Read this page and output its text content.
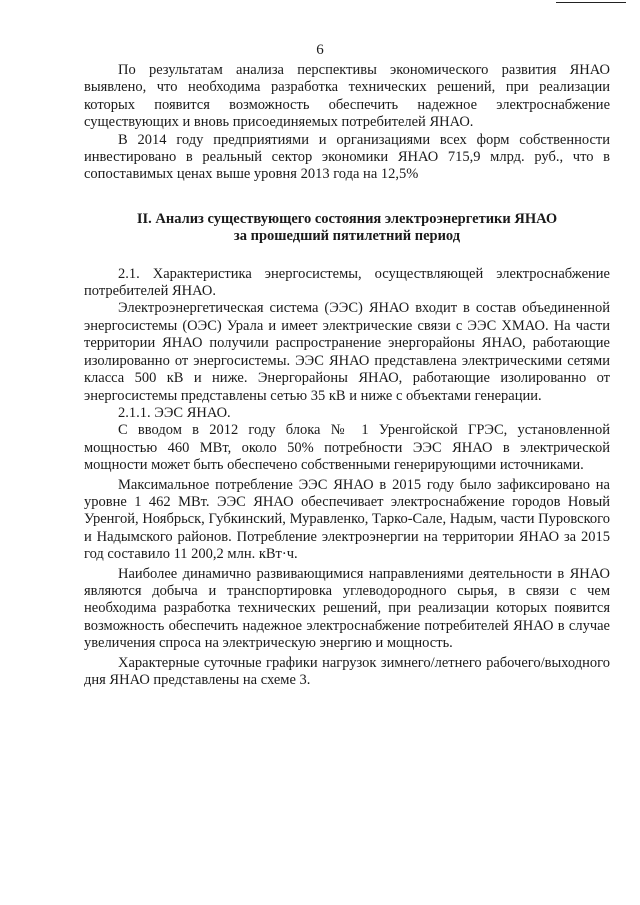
6

По результатам анализа перспективы экономического развития ЯНАО выявлено, что необходима разработка технических решений, при реализации которых появится возможность обеспечить надежное электроснабжение существующих и вновь присоединяемых потребителей ЯНАО.

В 2014 году предприятиями и организациями всех форм собственности инвестировано в реальный сектор экономики ЯНАО 715,9 млрд. руб., что в сопоставимых ценах выше уровня 2013 года на 12,5%

II. Анализ существующего состояния электроэнергетики ЯНАО
за прошедший пятилетний период

2.1. Характеристика энергосистемы, осуществляющей электроснабжение потребителей ЯНАО.

Электроэнергетическая система (ЭЭС) ЯНАО входит в состав объединенной энергосистемы (ОЭС) Урала и имеет электрические связи с ЭЭС ХМАО. На части территории ЯНАО получили распространение энергорайоны ЯНАО, работающие изолированно от энергосистемы. ЭЭС ЯНАО представлена электрическими сетями класса 500 кВ и ниже. Энергорайоны ЯНАО, работающие изолированно от энергосистемы представлены сетью 35 кВ и ниже с объектами генерации.

2.1.1. ЭЭС ЯНАО.

С вводом в 2012 году блока № 1 Уренгойской ГРЭС, установленной мощностью 460 МВт, около 50% потребности ЭЭС ЯНАО в электрической мощности может быть обеспечено собственными генерирующими источниками.

Максимальное потребление ЭЭС ЯНАО в 2015 году было зафиксировано на уровне 1 462 МВт. ЭЭС ЯНАО обеспечивает электроснабжение городов Новый Уренгой, Ноябрьск, Губкинский, Муравленко, Тарко-Сале, Надым, части Пуровского и Надымского районов. Потребление электроэнергии на территории ЯНАО за 2015 год составило 11 200,2 млн. кВт·ч.

Наиболее динамично развивающимися направлениями деятельности в ЯНАО являются добыча и транспортировка углеводородного сырья, в связи с чем необходима разработка технических решений, при реализации которых появится возможность обеспечить надежное электроснабжение потребителей ЯНАО в случае увеличения спроса на электрическую энергию и мощность.

Характерные суточные графики нагрузок зимнего/летнего рабочего/выходного дня ЯНАО представлены на схеме 3.
